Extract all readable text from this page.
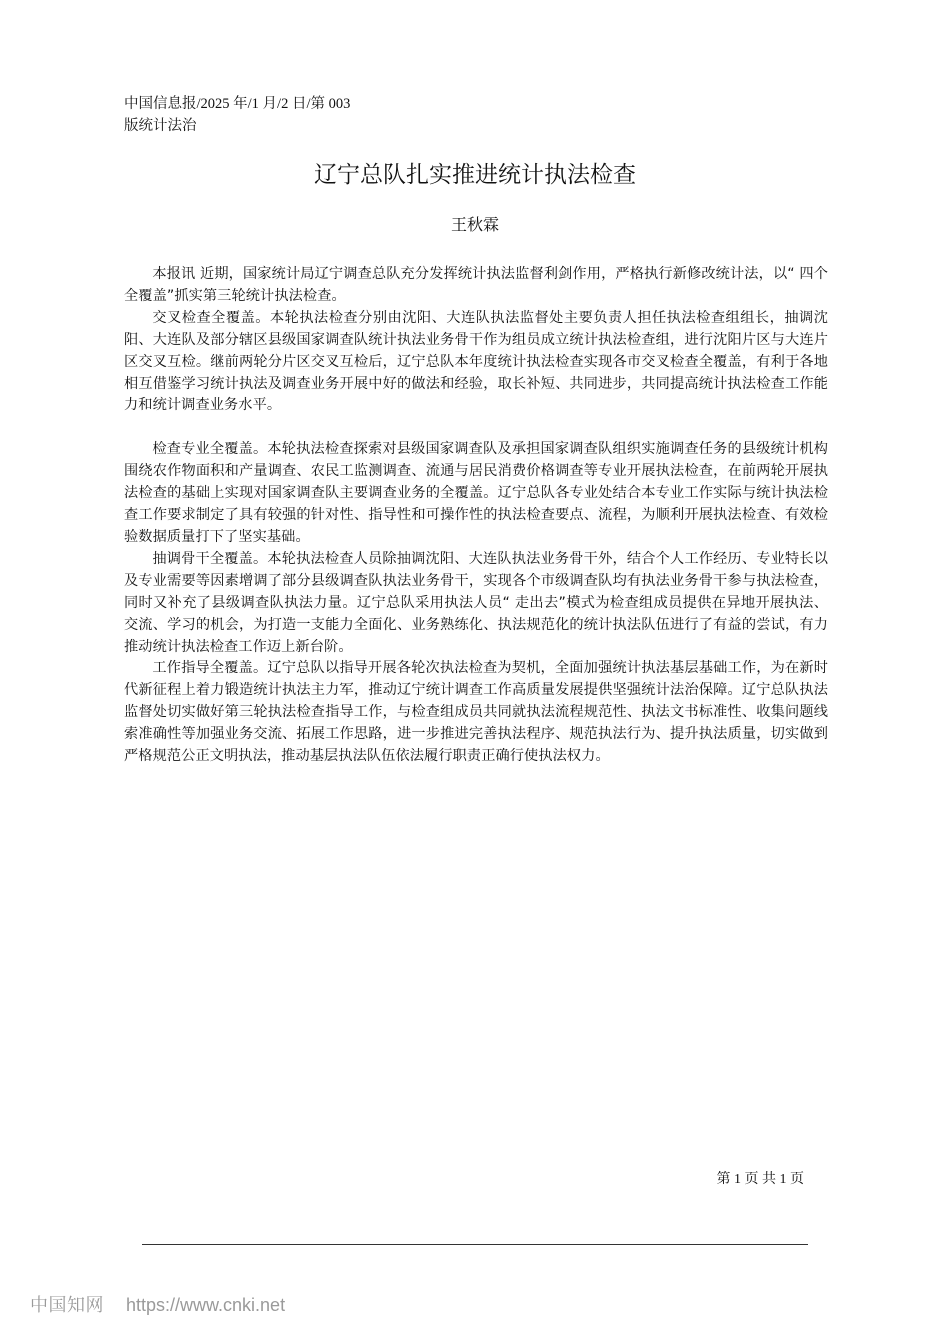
中国信息报/2025 年/1 月/2 日/第 003
版统计法治
辽宁总队扎实推进统计执法检查
王秋霖

本报讯 近期，国家统计局辽宁调查总队充分发挥统计执法监督利剑作用，严格执行新修改统计法，以“ 四个全覆盖”抓实第三轮统计执法检查。

交叉检查全覆盖。本轮执法检查分别由沈阳、大连队执法监督处主要负责人担任执法检查组组长，抽调沈阳、大连队及部分辖区县级国家调查队统计执法业务骨干作为组员成立统计执法检查组，进行沈阳片区与大连片区交叉互检。继前两轮分片区交叉互检后，辽宁总队本年度统计执法检查实现各市交叉检查全覆盖，有利于各地相互借鉴学习统计执法及调查业务开展中好的做法和经验，取长补短、共同进步，共同提高统计执法检查工作能力和统计调查业务水平。

检查专业全覆盖。本轮执法检查探索对县级国家调查队及承担国家调查队组织实施调查任务的县级统计机构围绕农作物面积和产量调查、农民工监测调查、流通与居民消费价格调查等专业开展执法检查，在前两轮开展执法检查的基础上实现对国家调查队主要调查业务的全覆盖。辽宁总队各专业处结合本专业工作实际与统计执法检查工作要求制定了具有较强的针对性、指导性和可操作性的执法检查要点、流程，为顺利开展执法检查、有效检验数据质量打下了坚实基础。

抽调骨干全覆盖。本轮执法检查人员除抽调沈阳、大连队执法业务骨干外，结合个人工作经历、专业特长以及专业需要等因素增调了部分县级调查队执法业务骨干，实现各个市级调查队均有执法业务骨干参与执法检查，同时又补充了县级调查队执法力量。辽宁总队采用执法人员“ 走出去”模式为检查组成员提供在异地开展执法、交流、学习的机会，为打造一支能力全面化、业务熟练化、执法规范化的统计执法队伍进行了有益的尝试，有力推动统计执法检查工作迈上新台阶。

工作指导全覆盖。辽宁总队以指导开展各轮次执法检查为契机，全面加强统计执法基层基础工作，为在新时代新征程上着力锻造统计执法主力军，推动辽宁统计调查工作高质量发展提供坚强统计法治保障。辽宁总队执法监督处切实做好第三轮执法检查指导工作，与检查组成员共同就执法流程规范性、执法文书标准性、收集问题线索准确性等加强业务交流、拓展工作思路，进一步推进完善执法程序、规范执法行为、提升执法质量，切实做到严格规范公正文明执法，推动基层执法队伍依法履行职责正确行使执法权力。

第 1 页 共 1 页
中国知网 https://www.cnki.net
